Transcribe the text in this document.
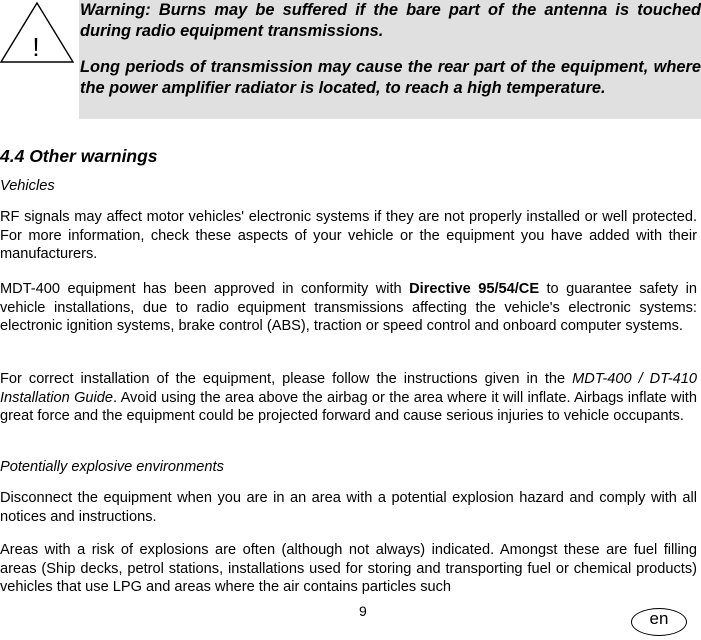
!

Warning: Burns may be suffered if the bare part of the antenna is touched during radio equipment transmissions.

Long periods of transmission may cause the rear part of the equipment, where the power amplifier radiator is located, to reach a high temperature.

4.4 Other warnings

Vehicles

RF signals may affect motor vehicles' electronic systems if they are not properly installed or well protected. For more information, check these aspects of your vehicle or the equipment you have added with their manufacturers.

MDT-400 equipment has been approved in conformity with Directive 95/54/CE to guarantee safety in vehicle installations, due to radio equipment transmissions affecting the vehicle's electronic systems: electronic ignition systems, brake control (ABS), traction or speed control and onboard computer systems.

For correct installation of the equipment, please follow the instructions given in the MDT-400 / DT-410 Installation Guide. Avoid using the area above the airbag or the area where it will inflate. Airbags inflate with great force and the equipment could be projected forward and cause serious injuries to vehicle occupants.

Potentially explosive environments

Disconnect the equipment when you are in an area with a potential explosion hazard and comply with all notices and instructions.

Areas with a risk of explosions are often (although not always) indicated. Amongst these are fuel filling areas (Ship decks, petrol stations, installations used for storing and transporting fuel or chemical products) vehicles that use LPG and areas where the air contains particles such

9	en
